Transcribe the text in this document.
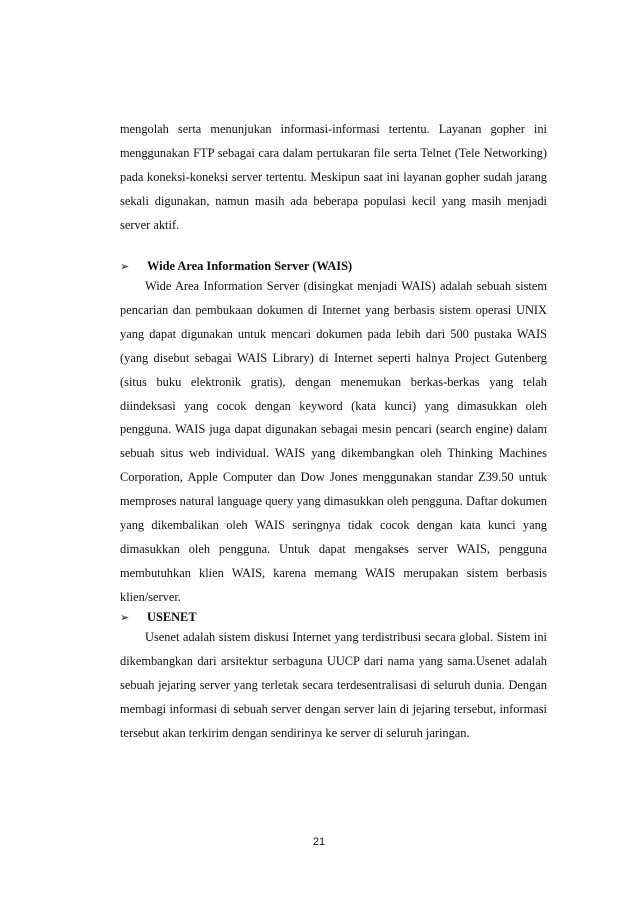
mengolah serta menunjukan informasi-informasi tertentu. Layanan gopher ini menggunakan FTP sebagai cara dalam pertukaran file serta Telnet (Tele Networking) pada koneksi-koneksi server tertentu. Meskipun saat ini layanan gopher sudah jarang sekali digunakan, namun masih ada beberapa populasi kecil yang masih menjadi server aktif.

➢ Wide Area Information Server (WAIS)

Wide Area Information Server (disingkat menjadi WAIS) adalah sebuah sistem pencarian dan pembukaan dokumen di Internet yang berbasis sistem operasi UNIX yang dapat digunakan untuk mencari dokumen pada lebih dari 500 pustaka WAIS (yang disebut sebagai WAIS Library) di Internet seperti halnya Project Gutenberg (situs buku elektronik gratis), dengan menemukan berkas-berkas yang telah diindeksasi yang cocok dengan keyword (kata kunci) yang dimasukkan oleh pengguna. WAIS juga dapat digunakan sebagai mesin pencari (search engine) dalam sebuah situs web individual. WAIS yang dikembangkan oleh Thinking Machines Corporation, Apple Computer dan Dow Jones menggunakan standar Z39.50 untuk memproses natural language query yang dimasukkan oleh pengguna. Daftar dokumen yang dikembalikan oleh WAIS seringnya tidak cocok dengan kata kunci yang dimasukkan oleh pengguna. Untuk dapat mengakses server WAIS, pengguna membutuhkan klien WAIS, karena memang WAIS merupakan sistem berbasis klien/server.

➢ USENET

Usenet adalah sistem diskusi Internet yang terdistribusi secara global. Sistem ini dikembangkan dari arsitektur serbaguna UUCP dari nama yang sama.Usenet adalah sebuah jejaring server yang terletak secara terdesentralisasi di seluruh dunia. Dengan membagi informasi di sebuah server dengan server lain di jejaring tersebut, informasi tersebut akan terkirim dengan sendirinya ke server di seluruh jaringan.

21
